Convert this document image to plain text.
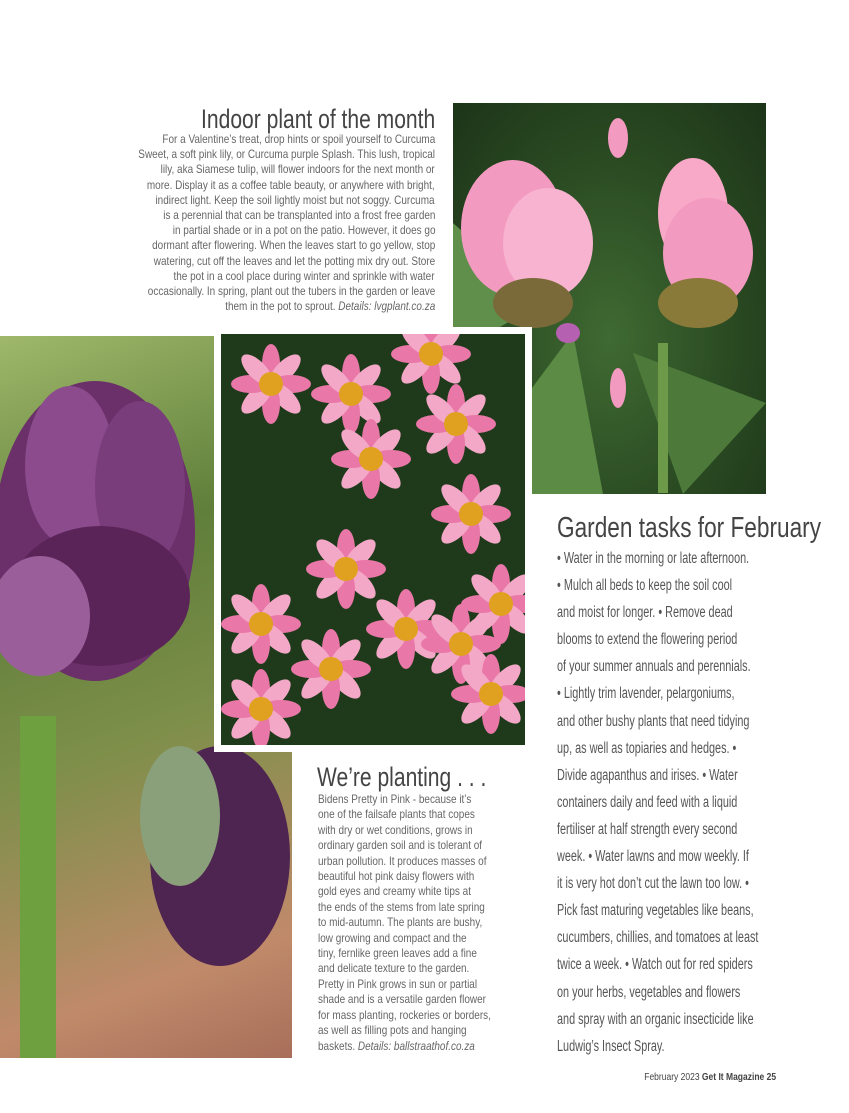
Indoor plant of the month
For a Valentine’s treat, drop hints or spoil yourself to Curcuma
Sweet, a soft pink lily, or Curcuma purple Splash. This lush, tropical
lily, aka Siamese tulip, will flower indoors for the next month or
more. Display it as a coffee table beauty, or anywhere with bright,
indirect light. Keep the soil lightly moist but not soggy. Curcuma
is a perennial that can be transplanted into a frost free garden
in partial shade or in a pot on the patio. However, it does go
dormant after flowering. When the leaves start to go yellow, stop
watering, cut off the leaves and let the potting mix dry out. Store
the pot in a cool place during winter and sprinkle with water
occasionally. In spring, plant out the tubers in the garden or leave
them in the pot to sprout. Details: lvgplant.co.za
We’re planting . . .
Bidens Pretty in Pink - because it’s
one of the failsafe plants that copes
with dry or wet conditions, grows in
ordinary garden soil and is tolerant of
urban pollution. It produces masses of
beautiful hot pink daisy flowers with
gold eyes and creamy white tips at
the ends of the stems from late spring
to mid-autumn. The plants are bushy,
low growing and compact and the
tiny, fernlike green leaves add a fine
and delicate texture to the garden.
Pretty in Pink grows in sun or partial
shade and is a versatile garden flower
for mass planting, rockeries or borders,
as well as filling pots and hanging
baskets. Details: ballstraathof.co.za
Garden tasks for February
• Water in the morning or late afternoon.
• Mulch all beds to keep the soil cool
and moist for longer. • Remove dead
blooms to extend the flowering period
of your summer annuals and perennials.
• Lightly trim lavender, pelargoniums,
and other bushy plants that need tidying
up, as well as topiaries and hedges. •
Divide agapanthus and irises. • Water
containers daily and feed with a liquid
fertiliser at half strength every second
week. • Water lawns and mow weekly. If
it is very hot don’t cut the lawn too low. •
Pick fast maturing vegetables like beans,
cucumbers, chillies, and tomatoes at least
twice a week. • Watch out for red spiders
on your herbs, vegetables and flowers
and spray with an organic insecticide like
Ludwig’s Insect Spray.
February 2023 Get It Magazine 25
